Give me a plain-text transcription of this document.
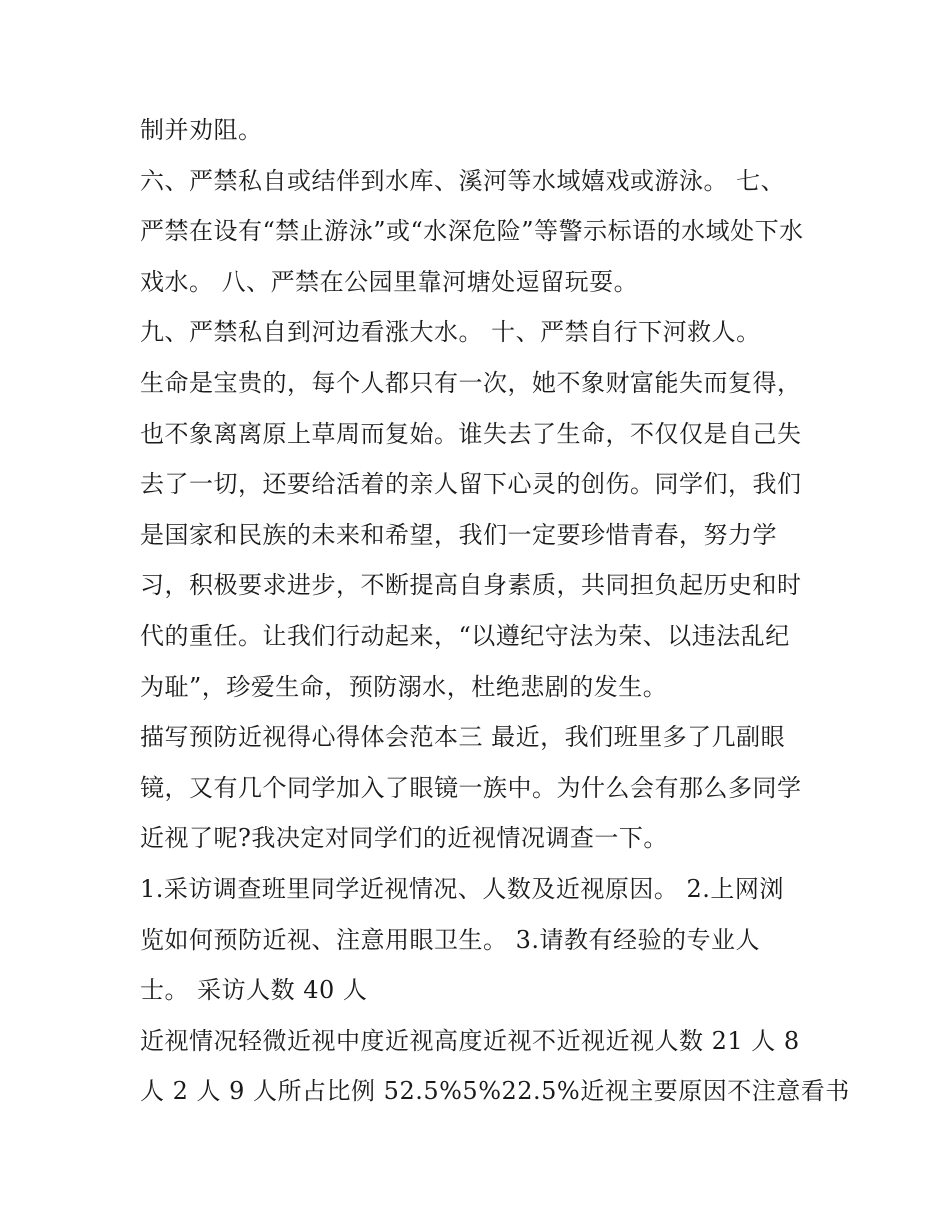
制并劝阻。
六、严禁私自或结伴到水库、溪河等水域嬉戏或游泳。 七、
严禁在设有“禁止游泳”或“水深危险”等警示标语的水域处下水
戏水。 八、严禁在公园里靠河塘处逗留玩耍。
九、严禁私自到河边看涨大水。 十、严禁自行下河救人。
生命是宝贵的，每个人都只有一次，她不象财富能失而复得，
也不象离离原上草周而复始。谁失去了生命，不仅仅是自己失
去了一切，还要给活着的亲人留下心灵的创伤。同学们，我们
是国家和民族的未来和希望，我们一定要珍惜青春，努力学
习，积极要求进步，不断提高自身素质，共同担负起历史和时
代的重任。让我们行动起来，“以遵纪守法为荣、以违法乱纪
为耻”，珍爱生命，预防溺水，杜绝悲剧的发生。
描写预防近视得心得体会范本三 最近，我们班里多了几副眼
镜，又有几个同学加入了眼镜一族中。为什么会有那么多同学
近视了呢?我决定对同学们的近视情况调查一下。
1.采访调查班里同学近视情况、人数及近视原因。 2.上网浏
览如何预防近视、注意用眼卫生。 3.请教有经验的专业人
士。 采访人数 40 人
近视情况轻微近视中度近视高度近视不近视近视人数 21 人 8
人 2 人 9 人所占比例 52.5%5%22.5%近视主要原因不注意看书
